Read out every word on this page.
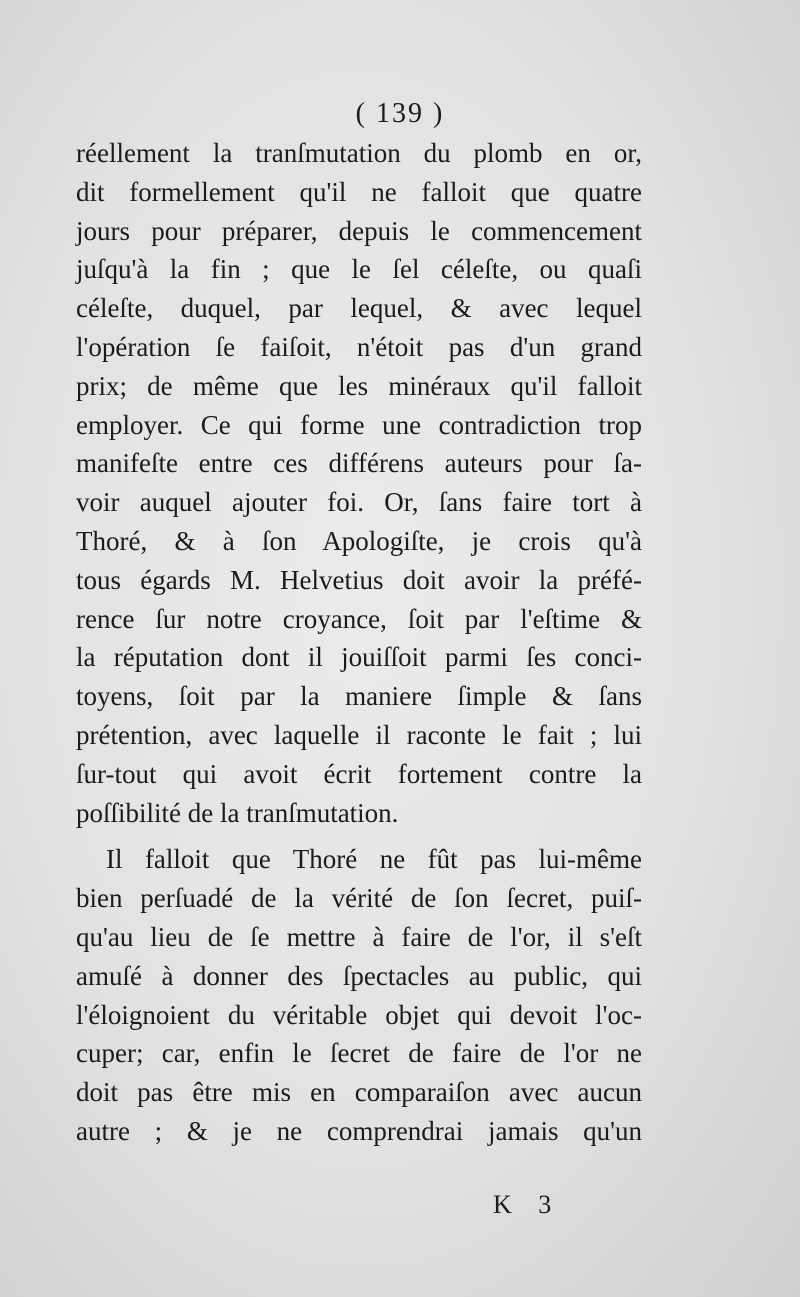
( 139 )
réellement la tranſmutation du plomb en or,
dit formellement qu'il ne falloit que quatre
jours pour préparer, depuis le commencement
juſqu'à la fin ; que le ſel céleſte, ou quaſi
céleſte, duquel, par lequel, & avec lequel
l'opération ſe faiſoit, n'étoit pas d'un grand
prix; de même que les minéraux qu'il falloit
employer. Ce qui forme une contradiction trop
manifeſte entre ces différens auteurs pour ſa-
voir auquel ajouter foi. Or, ſans faire tort à
Thoré, & à ſon Apologiſte, je crois qu'à
tous égards M. Helvetius doit avoir la préfé-
rence ſur notre croyance, ſoit par l'eſtime &
la réputation dont il jouiſſoit parmi ſes conci-
toyens, ſoit par la maniere ſimple & ſans
prétention, avec laquelle il raconte le fait ; lui
ſur-tout qui avoit écrit fortement contre la
poſſibilité de la tranſmutation.
Il falloit que Thoré ne fût pas lui-même
bien perſuadé de la vérité de ſon ſecret, puiſ-
qu'au lieu de ſe mettre à faire de l'or, il s'eſt
amuſé à donner des ſpectacles au public, qui
l'éloignoient du véritable objet qui devoit l'oc-
cuper; car, enfin le ſecret de faire de l'or ne
doit pas être mis en comparaiſon avec aucun
autre ; & je ne comprendrai jamais qu'un
K 3
